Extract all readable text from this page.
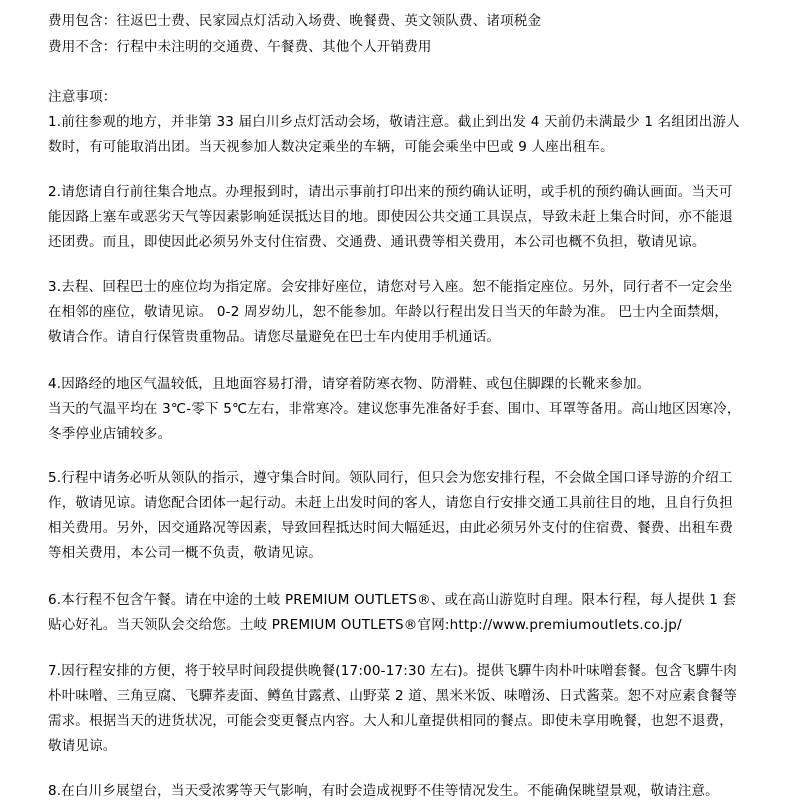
费用包含：往返巴士费、民家园点灯活动入场费、晚餐费、英文领队费、诸项税金
费用不含：行程中未注明的交通费、午餐费、其他个人开销费用
注意事项：
1.前往参观的地方，并非第 33 届白川乡点灯活动会场，敬请注意。截止到出发 4 天前仍未满最少 1 名组团出游人
数时，有可能取消出团。当天视参加人数决定乘坐的车辆，可能会乘坐中巴或 9 人座出租车。
2.请您请自行前往集合地点。办理报到时，请出示事前打印出来的预约确认证明，或手机的预约确认画面。当天可
能因路上塞车或恶劣天气等因素影响延误抵达目的地。即使因公共交通工具误点，导致未赶上集合时间，亦不能退
还团费。而且，即使因此必须另外支付住宿费、交通费、通讯费等相关费用，本公司也概不负担，敬请见谅。
3.去程、回程巴士的座位均为指定席。会安排好座位，请您对号入座。恕不能指定座位。另外，同行者不一定会坐
在相邻的座位，敬请见谅。 0-2 周岁幼儿，恕不能参加。年龄以行程出发日当天的年龄为准。 巴士内全面禁烟，
敬请合作。请自行保管贵重物品。请您尽量避免在巴士车内使用手机通话。
4.因路经的地区气温较低，且地面容易打滑，请穿着防寒衣物、防滑鞋、或包住脚踝的长靴来参加。
当天的气温平均在 3℃-零下 5℃左右，非常寒冷。建议您事先准备好手套、围巾、耳罩等备用。高山地区因寒冷，
冬季停业店铺较多。
5.行程中请务必听从领队的指示，遵守集合时间。领队同行，但只会为您安排行程，不会做全国口译导游的介绍工
作，敬请见谅。请您配合团体一起行动。未赶上出发时间的客人，请您自行安排交通工具前往目的地，且自行负担
相关费用。另外，因交通路况等因素，导致回程抵达时间大幅延迟，由此必须另外支付的住宿费、餐费、出租车费
等相关费用，本公司一概不负责，敬请见谅。
6.本行程不包含午餐。请在中途的土岐 PREMIUM OUTLETS®、或在高山游览时自理。限本行程，每人提供 1 套
贴心好礼。当天领队会交给您。土岐 PREMIUM OUTLETS®官网:http://www.premiumoutlets.co.jp/
7.因行程安排的方便，将于较早时间段提供晚餐(17:00-17:30 左右)。提供飞驒牛肉朴叶味噌套餐。包含飞驒牛肉
朴叶味噌、三角豆腐、飞驒荞麦面、鳟鱼甘露煮、山野菜 2 道、黑米米饭、味噌汤、日式酱菜。恕不对应素食餐等
需求。根据当天的进货状况，可能会变更餐点内容。大人和儿童提供相同的餐点。即使未享用晚餐，也恕不退费，
敬请见谅。
8.在白川乡展望台，当天受浓雾等天气影响，有时会造成视野不佳等情况发生。不能确保眺望景观，敬请注意。
